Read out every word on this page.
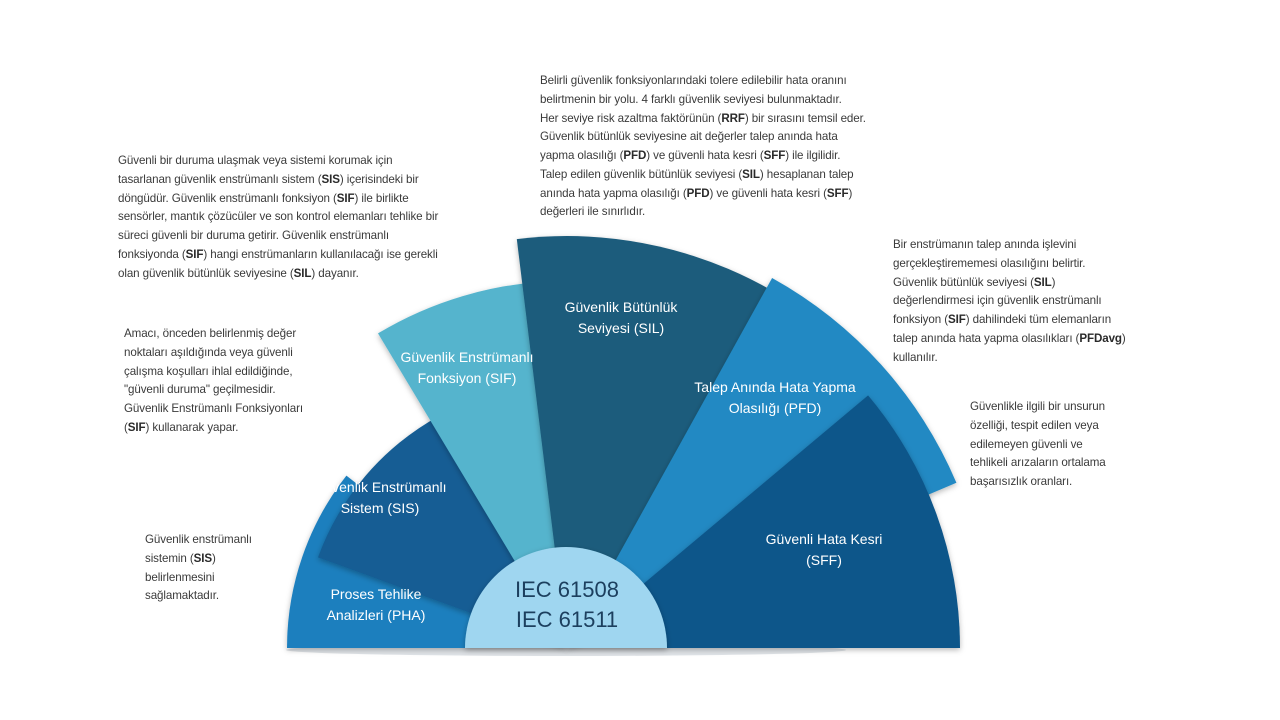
Proses Tehlike
Analizleri (PHA)
Güvenlik Enstrümanlı
Sistem (SIS)
Güvenlik Enstrümanlı
Fonksiyon (SIF)
Güvenlik Bütünlük
Seviyesi (SIL)
Talep Anında Hata Yapma
Olasılığı (PFD)
Güvenli Hata Kesri
(SFF)
IEC 61508
IEC 61511
Güvenlik enstrümanlı
sistemin (SIS)
belirlenmesini
sağlamaktadır.
Amacı, önceden belirlenmiş değer
noktaları aşıldığında veya güvenli
çalışma koşulları ihlal edildiğinde,
"güvenli duruma" geçilmesidir.
Güvenlik Enstrümanlı Fonksiyonları
(SIF) kullanarak yapar.
Güvenli bir duruma ulaşmak veya sistemi korumak için
tasarlanan güvenlik enstrümanlı sistem (SIS) içerisindeki bir
döngüdür. Güvenlik enstrümanlı fonksiyon (SIF) ile birlikte
sensörler, mantık çözücüler ve son kontrol elemanları tehlike bir
süreci güvenli bir duruma getirir. Güvenlik enstrümanlı
fonksiyonda (SIF) hangi enstrümanların kullanılacağı ise gerekli
olan güvenlik bütünlük seviyesine (SIL) dayanır.
Belirli güvenlik fonksiyonlarındaki tolere edilebilir hata oranını
belirtmenin bir yolu. 4 farklı güvenlik seviyesi bulunmaktadır.
Her seviye risk azaltma faktörünün (RRF) bir sırasını temsil eder.
Güvenlik bütünlük seviyesine ait değerler talep anında hata
yapma olasılığı (PFD) ve güvenli hata kesri (SFF) ile ilgilidir.
Talep edilen güvenlik bütünlük seviyesi (SIL) hesaplanan talep
anında hata yapma olasılığı (PFD) ve güvenli hata kesri (SFF)
değerleri ile sınırlıdır.
Bir enstrümanın talep anında işlevini
gerçekleştirememesi olasılığını belirtir.
Güvenlik bütünlük seviyesi (SIL)
değerlendirmesi için güvenlik enstrümanlı
fonksiyon (SIF) dahilindeki tüm elemanların
talep anında hata yapma olasılıkları (PFDavg)
kullanılır.
Güvenlikle ilgili bir unsurun
özelliği, tespit edilen veya
edilemeyen güvenli ve
tehlikeli arızaların ortalama
başarısızlık oranları.
